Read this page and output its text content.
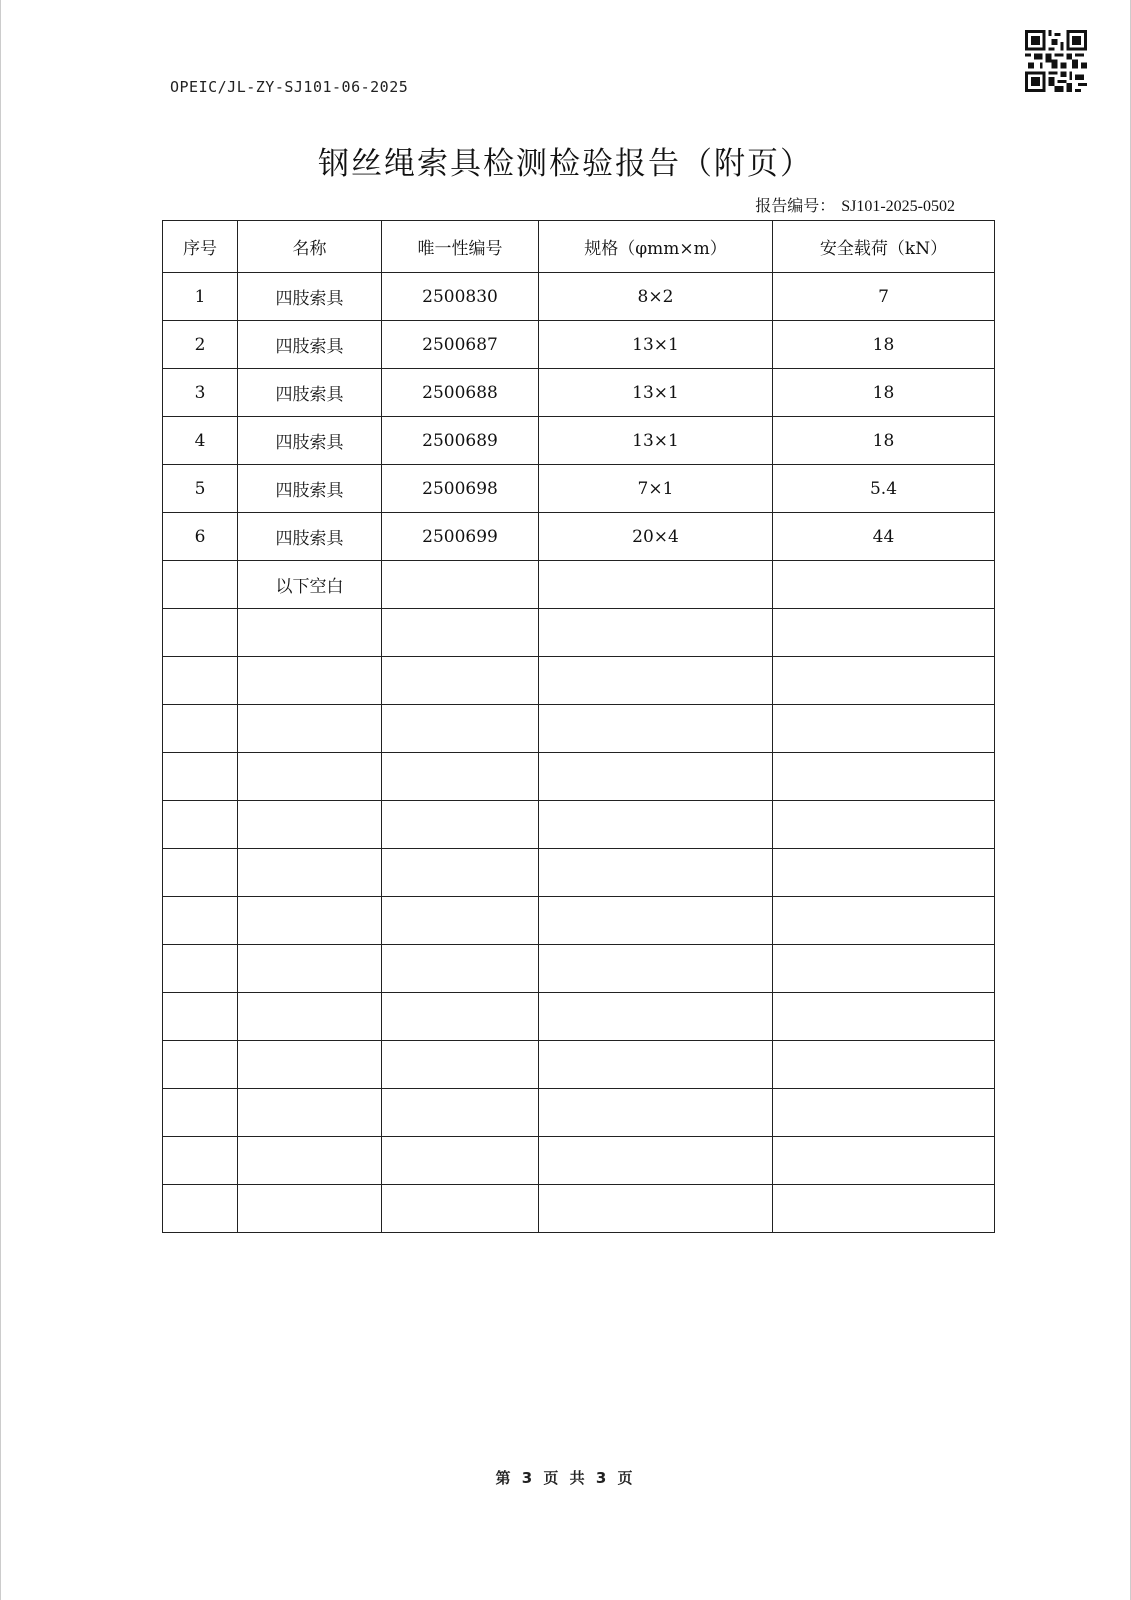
OPEIC/JL-ZY-SJ101-06-2025
钢丝绳索具检测检验报告（附页）
报告编号： SJ101-2025-0502
序号	名称	唯一性编号	规格（φmm×m）	安全载荷（kN）
1	四肢索具	2500830	8×2	7
2	四肢索具	2500687	13×1	18
3	四肢索具	2500688	13×1	18
4	四肢索具	2500689	13×1	18
5	四肢索具	2500698	7×1	5.4
6	四肢索具	2500699	20×4	44
	以下空白			

第 3 页 共 3 页
